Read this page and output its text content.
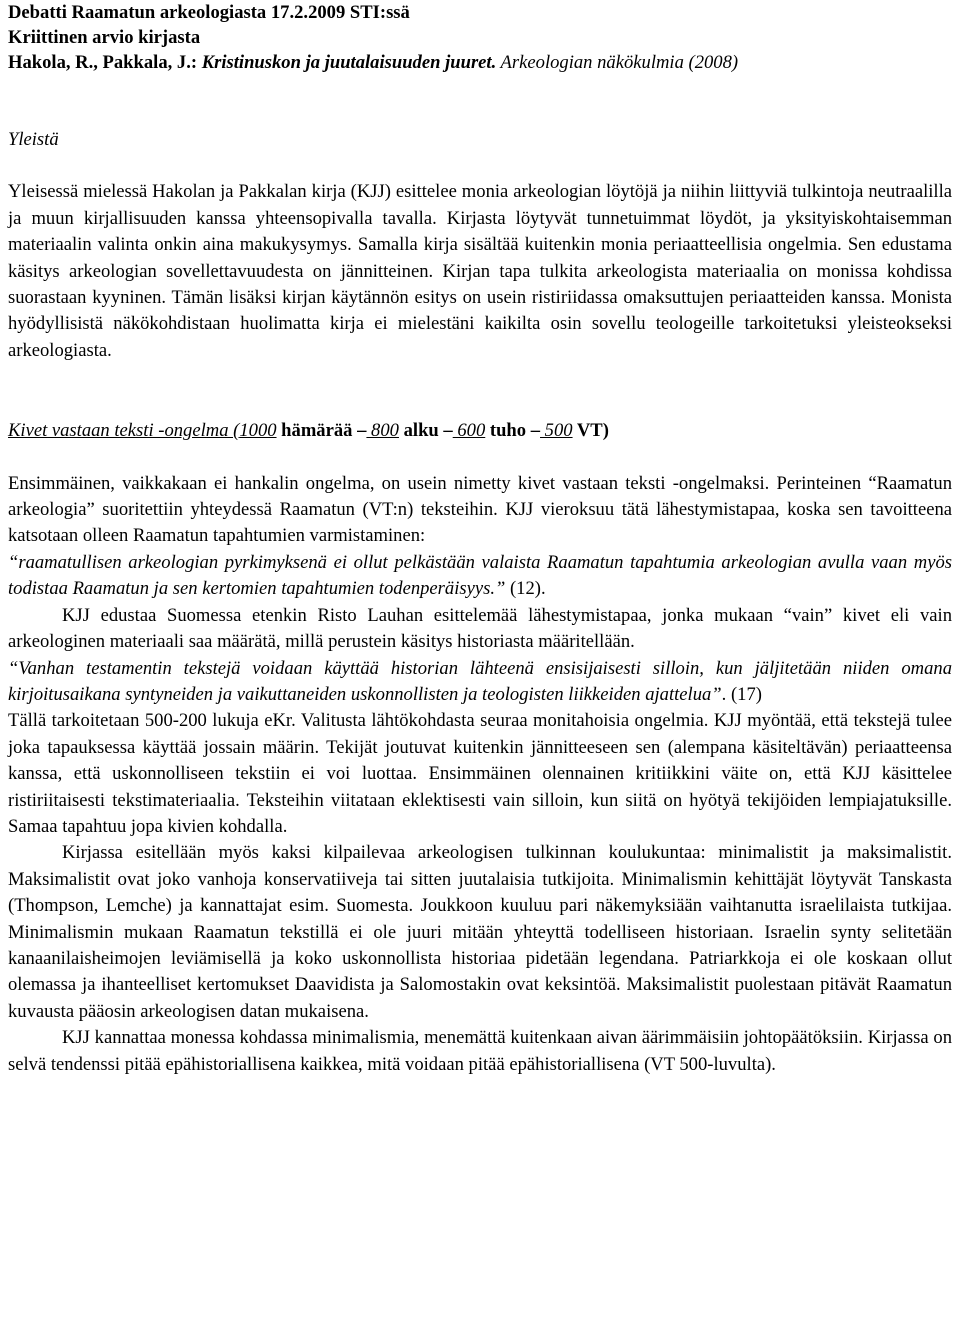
Debatti Raamatun arkeologiasta 17.2.2009 STI:ssä
Kriittinen arvio kirjasta
Hakola, R., Pakkala, J.: Kristinuskon ja juutalaisuuden juuret. Arkeologian näkökulmia (2008)
Yleistä

Yleisessä mielessä Hakolan ja Pakkalan kirja (KJJ) esittelee monia arkeologian löytöjä ja niihin liittyviä tulkintoja neutraalilla ja muun kirjallisuuden kanssa yhteensopivalla tavalla. Kirjasta löytyvät tunnetuimmat löydöt, ja yksityiskohtaisemman materiaalin valinta onkin aina makukysymys. Samalla kirja sisältää kuitenkin monia periaatteellisia ongelmia. Sen edustama käsitys arkeologian sovellettavuudesta on jännitteinen. Kirjan tapa tulkita arkeologista materiaalia on monissa kohdissa suorastaan kyyninen. Tämän lisäksi kirjan käytännön esitys on usein ristiriidassa omaksuttujen periaatteiden kanssa. Monista hyödyllisistä näkökohdistaan huolimatta kirja ei mielestäni kaikilta osin sovellu teologeille tarkoitetuksi yleisteokseksi arkeologiasta.

Kivet vastaan teksti -ongelma (1000 hämärää – 800 alku – 600 tuho – 500 VT)

Ensimmäinen, vaikkakaan ei hankalin ongelma, on usein nimetty kivet vastaan teksti -ongelmaksi. Perinteinen “Raamatun arkeologia” suoritettiin yhteydessä Raamatun (VT:n) teksteihin. KJJ vieroksuu tätä lähestymistapaa, koska sen tavoitteena katsotaan olleen Raamatun tapahtumien varmistaminen:

“raamatullisen arkeologian pyrkimyksenä ei ollut pelkästään valaista Raamatun tapahtumia arkeologian avulla vaan myös todistaa Raamatun ja sen kertomien tapahtumien todenperäisyys.” (12).

KJJ edustaa Suomessa etenkin Risto Lauhan esittelemää lähestymistapaa, jonka mukaan “vain” kivet eli vain arkeologinen materiaali saa määrätä, millä perustein käsitys historiasta määritellään.

“Vanhan testamentin tekstejä voidaan käyttää historian lähteenä ensisijaisesti silloin, kun jäljitetään niiden omana kirjoitusaikana syntyneiden ja vaikuttaneiden uskonnollisten ja teologisten liikkeiden ajattelua”. (17)

Tällä tarkoitetaan 500-200 lukuja eKr. Valitusta lähtökohdasta seuraa monitahoisia ongelmia. KJJ myöntää, että tekstejä tulee joka tapauksessa käyttää jossain määrin. Tekijät joutuvat kuitenkin jännitteeseen sen (alempana käsiteltävän) periaatteensa kanssa, että uskonnolliseen tekstiin ei voi luottaa. Ensimmäinen olennainen kritiikkini väite on, että KJJ käsittelee ristiriitaisesti tekstimateriaalia. Teksteihin viitataan eklektisesti vain silloin, kun siitä on hyötyä tekijöiden lempiajatuksille. Samaa tapahtuu jopa kivien kohdalla.

Kirjassa esitellään myös kaksi kilpailevaa arkeologisen tulkinnan koulukuntaa: minimalistit ja maksimalistit. Maksimalistit ovat joko vanhoja konservatiiveja tai sitten juutalaisia tutkijoita. Minimalismin kehittäjät löytyvät Tanskasta (Thompson, Lemche) ja kannattajat esim. Suomesta. Joukkoon kuuluu pari näkemyksiään vaihtanutta israelilaista tutkijaa. Minimalismin mukaan Raamatun tekstillä ei ole juuri mitään yhteyttä todelliseen historiaan. Israelin synty selitetään kanaanilaisheimojen leviämisellä ja koko uskonnollista historiaa pidetään legendana. Patriarkkoja ei ole koskaan ollut olemassa ja ihanteelliset kertomukset Daavidista ja Salomostakin ovat keksintöä. Maksimalistit puolestaan pitävät Raamatun kuvausta pääosin arkeologisen datan mukaisena.

KJJ kannattaa monessa kohdassa minimalismia, menemättä kuitenkaan aivan äärimmäisiin johtopäätöksiin. Kirjassa on selvä tendenssi pitää epähistoriallisena kaikkea, mitä voidaan pitää epähistoriallisena (VT 500-luvulta).
